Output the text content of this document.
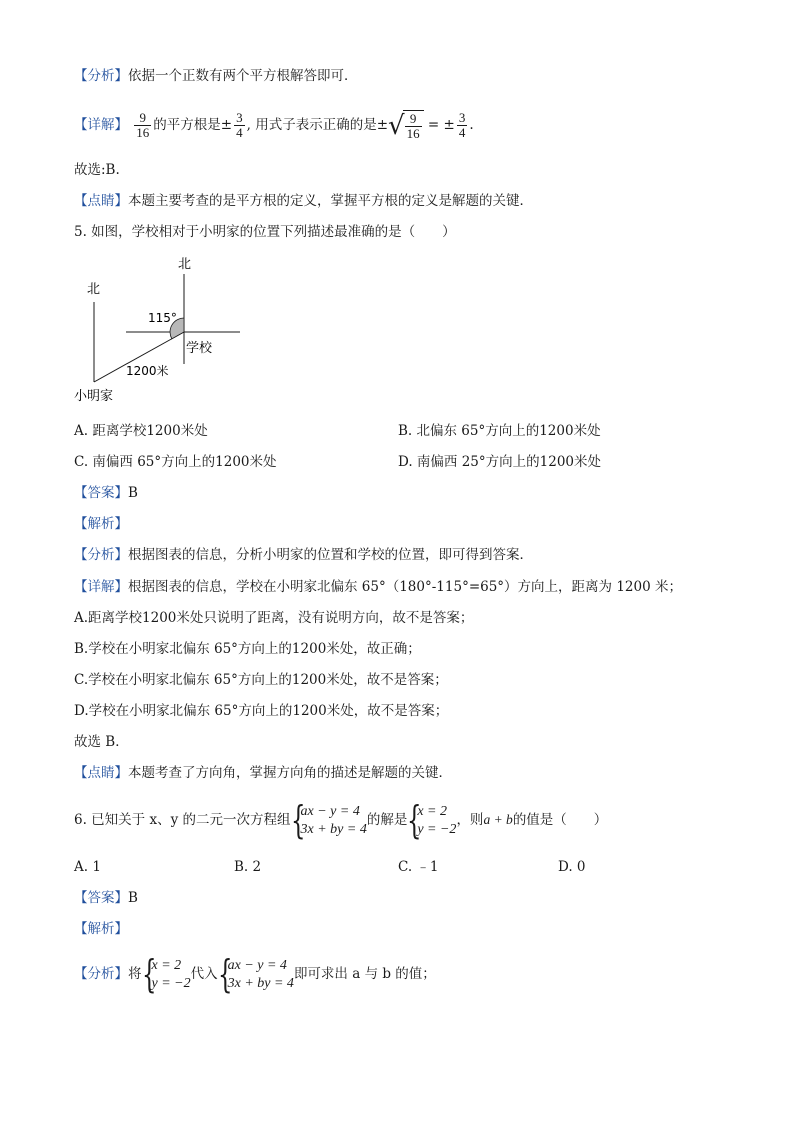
【分析】依据一个正数有两个平方根解答即可．
【详解】 $\frac{9}{16}$ 的平方根是± $\frac{3}{4}$ , 用式子表示正确的是±√ $\frac{9}{16}$ = ± $\frac{3}{4}$ .
故选:B.
【点睛】本题主要考查的是平方根的定义，掌握平方根的定义是解题的关键．
5. 如图，学校相对于小明家的位置下列描述最准确的是（　　）
北
北
115°
学校
1200米
小明家
A. 距离学校1200米处	B. 北偏东 65°方向上的1200米处
C. 南偏西 65°方向上的1200米处	D. 南偏西 25°方向上的1200米处
【答案】B
【解析】
【分析】根据图表的信息，分析小明家的位置和学校的位置，即可得到答案．
【详解】根据图表的信息，学校在小明家北偏东 65°（180°-115°=65°）方向上，距离为 1200 米；
A.距离学校1200米处只说明了距离，没有说明方向，故不是答案；
B.学校在小明家北偏东 65°方向上的1200米处，故正确；
C.学校在小明家北偏东 65°方向上的1200米处，故不是答案；
D.学校在小明家北偏东 65°方向上的1200米处，故不是答案；
故选 B．
【点睛】本题考查了方向角，掌握方向角的描述是解题的关键．
6. 已知关于 x、y 的二元一次方程组 {
ax − y = 4
3x + by = 4
的解是 {
x = 2
y = −2
，则a + b的值是（　　）
A. 1	B. 2	C. ﹣1	D. 0
【答案】B
【解析】
【分析】将 {
x = 2
y = −2
代入 {
ax − y = 4
3x + by = 4
即可求出 a 与 b 的值；
